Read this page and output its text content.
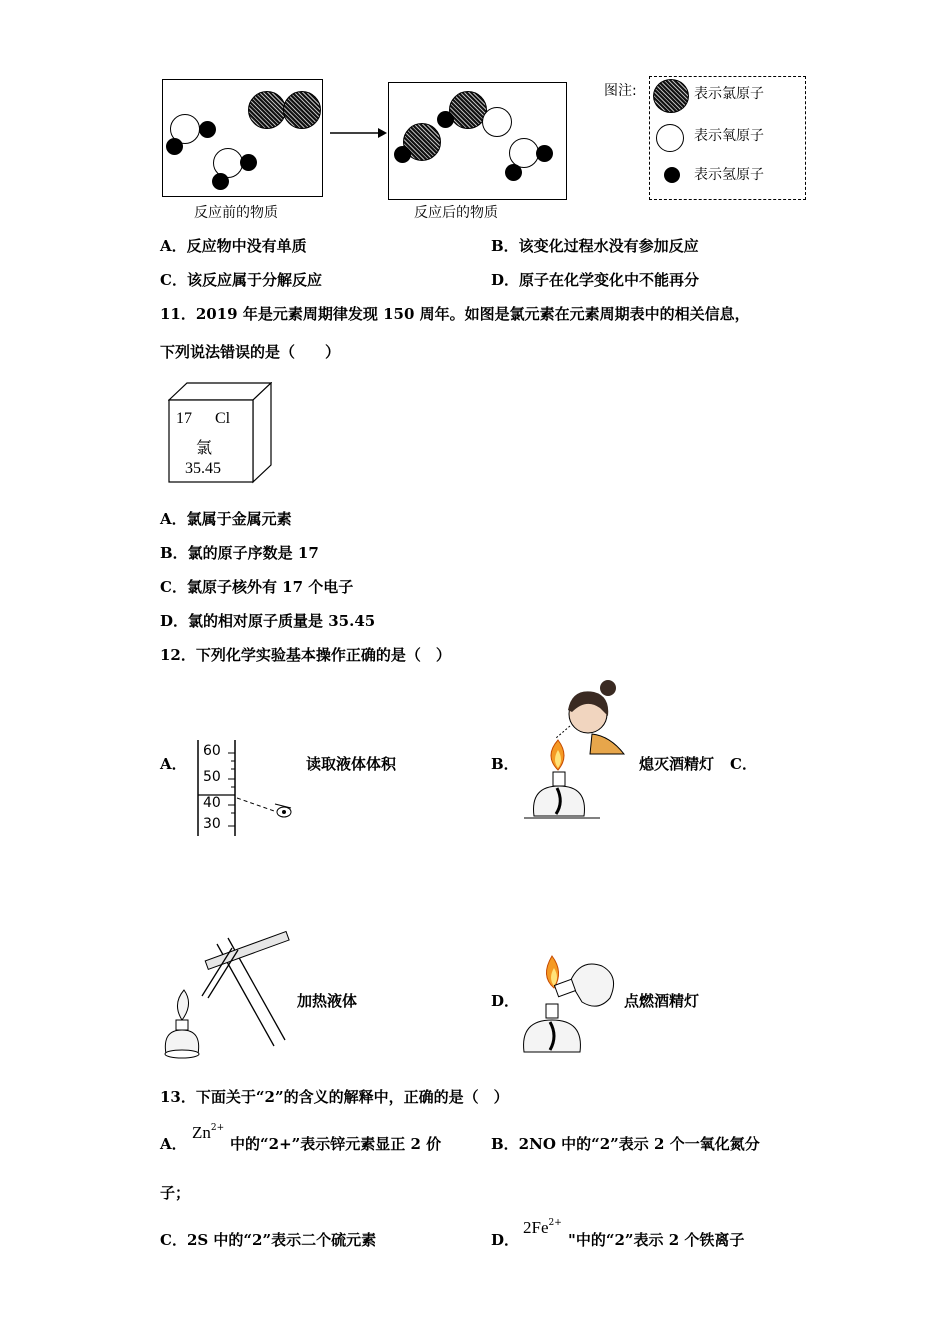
反应前的物质	反应后的物质
图注:	表示氯原子
表示氧原子
表示氢原子
A．反应物中没有单质	B．该变化过程水没有参加反应
C．该反应属于分解反应	D．原子在化学变化中不能再分
11．2019 年是元素周期律发现 150 周年。如图是氯元素在元素周期表中的相关信息，
下列说法错误的是（　　）
17 Cl
氯
35.45
A．氯属于金属元素
B．氯的原子序数是 17
C．氯原子核外有 17 个电子
D．氯的相对原子质量是 35.45
12．下列化学实验基本操作正确的是（　）
A．
60
50
40
30
读取液体体积	B．	熄灭酒精灯 C．
加热液体	D．	点燃酒精灯
13．下面关于“2”的含义的解释中，正确的是（　）
A．
$Zn^{2+}$
中的“2+”表示锌元素显正 2 价	B．2NO 中的“2”表示 2 个一氧化氮分
子；
C．2S 中的“2”表示二个硫元素	D．
$2Fe^{2+}$
"中的“2”表示 2 个铁离子
